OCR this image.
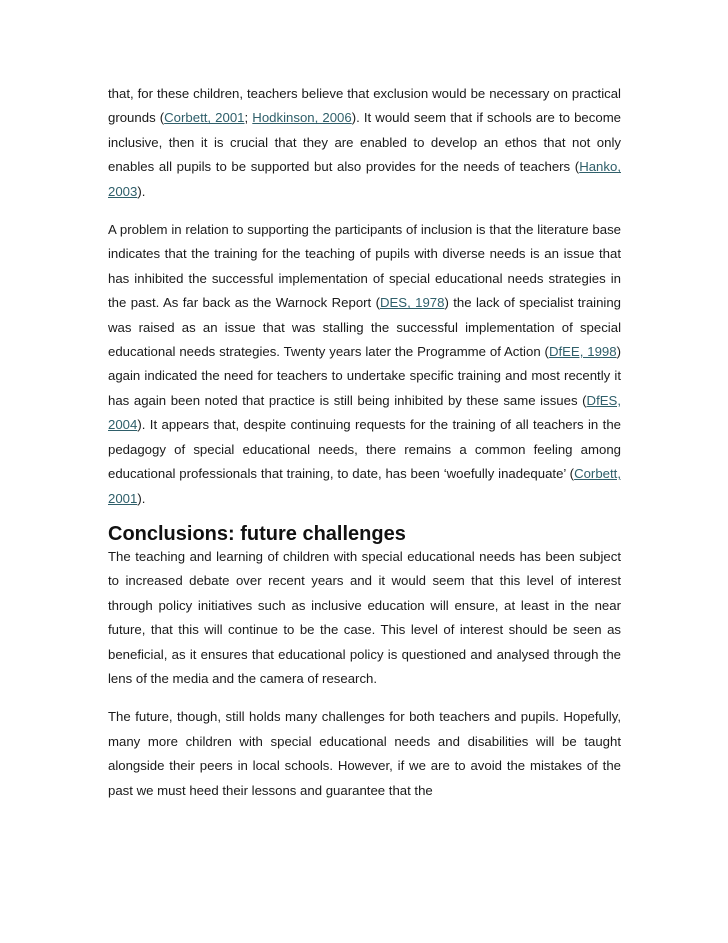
that, for these children, teachers believe that exclusion would be necessary on practical grounds (Corbett, 2001; Hodkinson, 2006). It would seem that if schools are to become inclusive, then it is crucial that they are enabled to develop an ethos that not only enables all pupils to be supported but also provides for the needs of teachers (Hanko, 2003).

A problem in relation to supporting the participants of inclusion is that the literature base indicates that the training for the teaching of pupils with diverse needs is an issue that has inhibited the successful implementation of special educational needs strategies in the past. As far back as the Warnock Report (DES, 1978) the lack of specialist training was raised as an issue that was stalling the successful implementation of special educational needs strategies. Twenty years later the Programme of Action (DfEE, 1998) again indicated the need for teachers to undertake specific training and most recently it has again been noted that practice is still being inhibited by these same issues (DfES, 2004). It appears that, despite continuing requests for the training of all teachers in the pedagogy of special educational needs, there remains a common feeling among educational professionals that training, to date, has been ‘woefully inadequate’ (Corbett, 2001).

Conclusions: future challenges

The teaching and learning of children with special educational needs has been subject to increased debate over recent years and it would seem that this level of interest through policy initiatives such as inclusive education will ensure, at least in the near future, that this will continue to be the case. This level of interest should be seen as beneficial, as it ensures that educational policy is questioned and analysed through the lens of the media and the camera of research.

The future, though, still holds many challenges for both teachers and pupils. Hopefully, many more children with special educational needs and disabilities will be taught alongside their peers in local schools. However, if we are to avoid the mistakes of the past we must heed their lessons and guarantee that the
